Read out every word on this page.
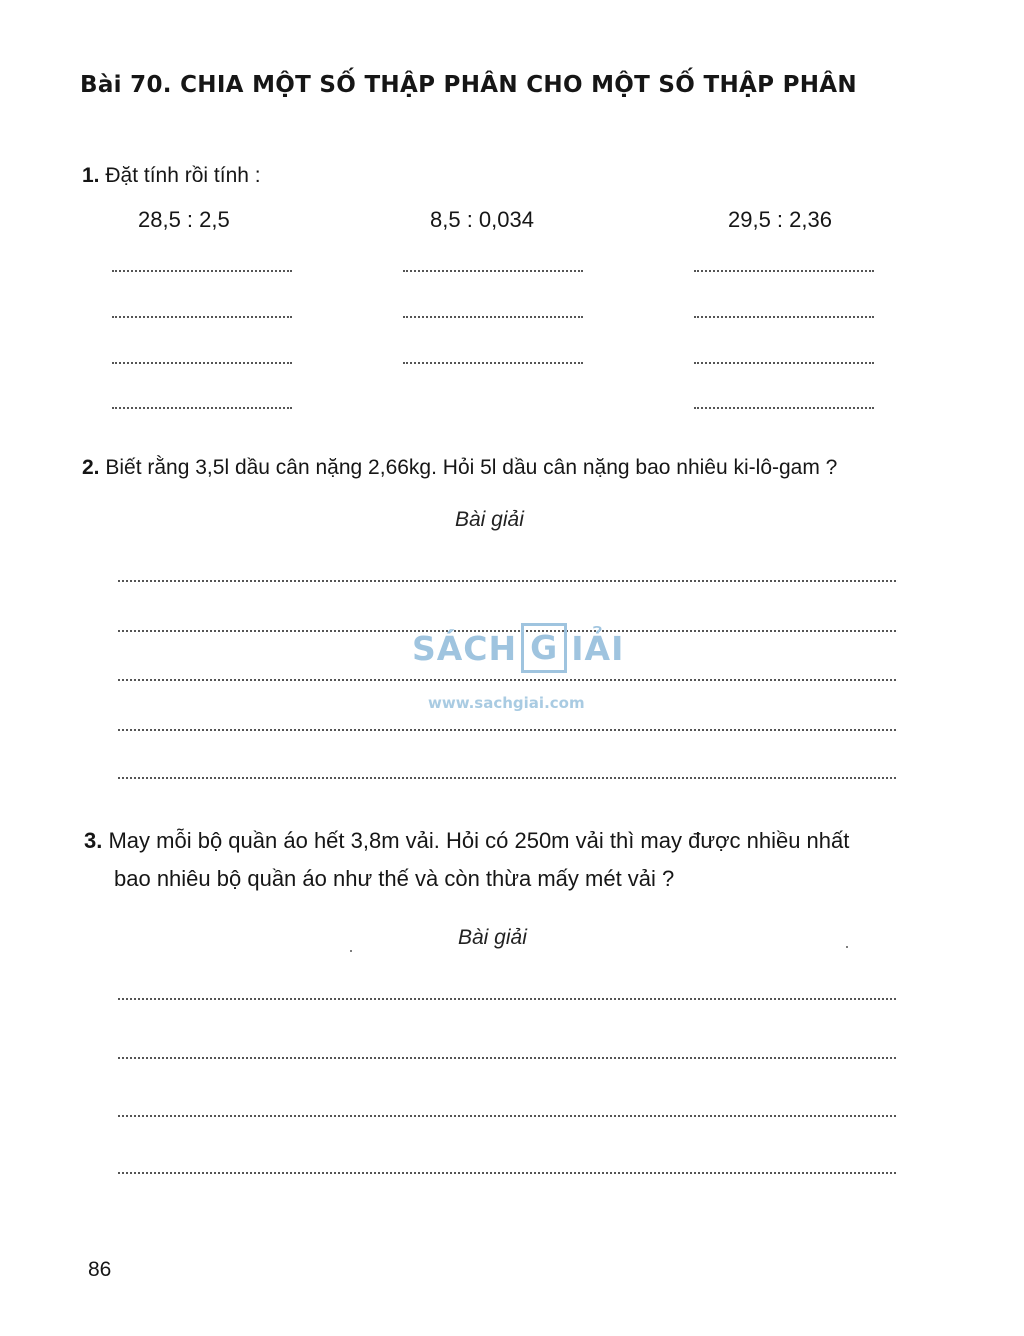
Bài 70. CHIA MỘT SỐ THẬP PHÂN CHO MỘT SỐ THẬP PHÂN
1. Đặt tính rồi tính :
28,5 : 2,5	8,5 : 0,034	29,5 : 2,36
2. Biết rằng 3,5l dầu cân nặng 2,66kg. Hỏi 5l dầu cân nặng bao nhiêu ki-lô-gam ?
Bài giải
SÁCH G IẢI
www.sachgiai.com
3. May mỗi bộ quần áo hết 3,8m vải. Hỏi có 250m vải thì may được nhiều nhất
bao nhiêu bộ quần áo như thế và còn thừa mấy mét vải ?
Bài giải
86
